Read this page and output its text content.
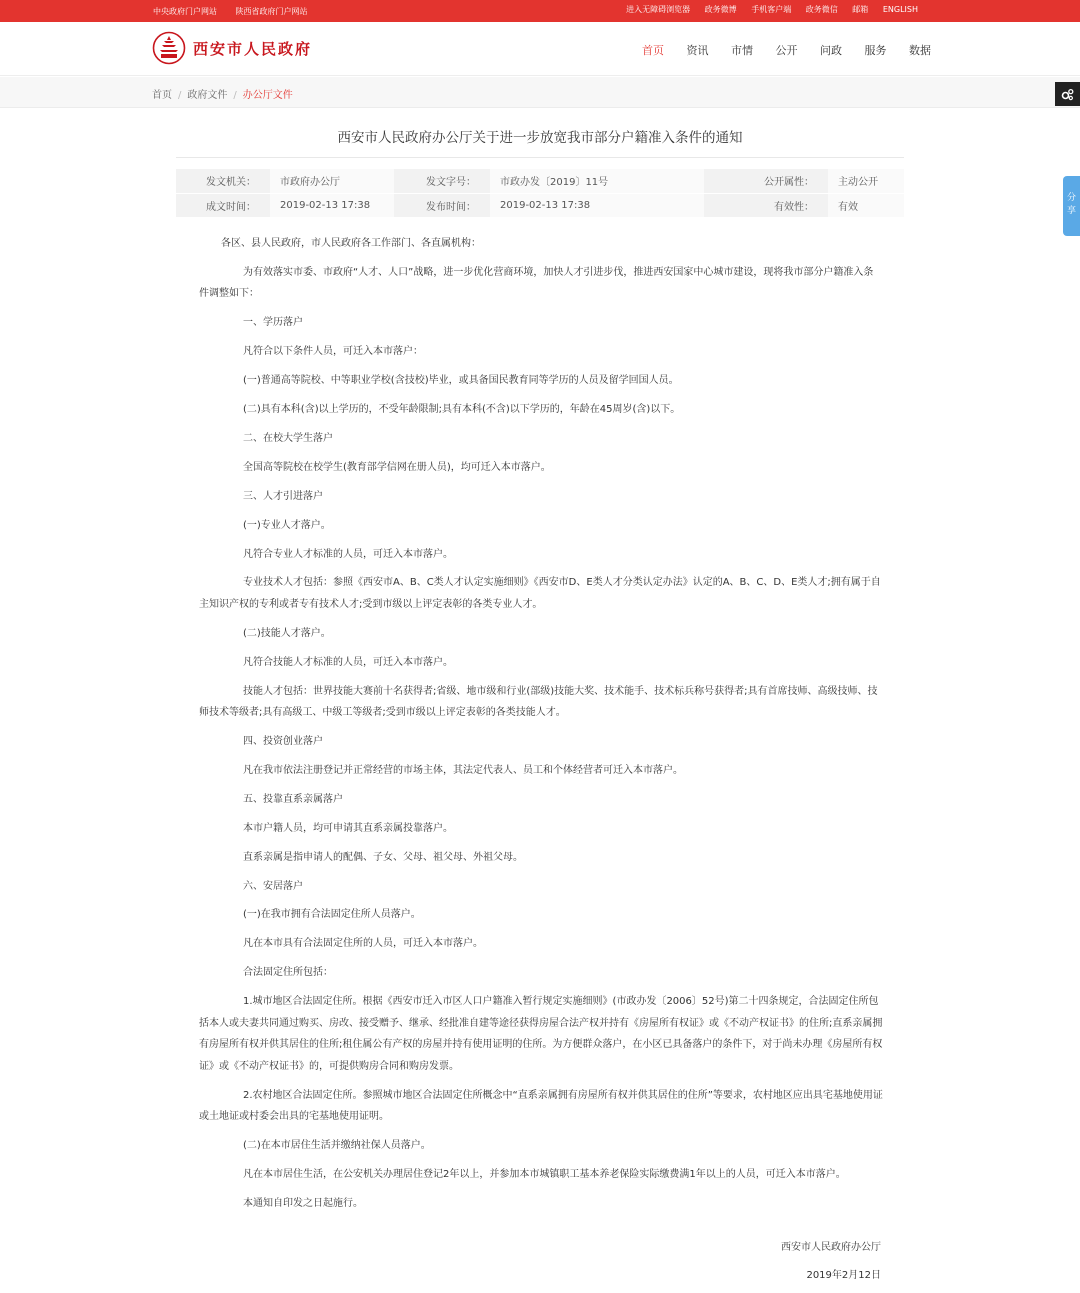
中央政府门户网站 陕西省政府门户网站	进入无障碍浏览器 政务微博 手机客户端 政务微信 邮箱 ENGLISH
西安市人民政府	首页 资讯 市情 公开 问政 服务 数据
首页 / 政府文件 / 办公厅文件
分享
西安市人民政府办公厅关于进一步放宽我市部分户籍准入条件的通知
发文机关：	市政府办公厅	发文字号：	市政办发〔2019〕11号	公开属性：	主动公开
成文时间：	2019-02-13 17:38	发布时间：	2019-02-13 17:38	有效性：	有效

各区、县人民政府，市人民政府各工作部门、各直属机构：

为有效落实市委、市政府“人才、人口”战略，进一步优化营商环境，加快人才引进步伐，推进西安国家中心城市建设，现将我市部分户籍准入条件调整如下：

一、学历落户

凡符合以下条件人员，可迁入本市落户：

(一)普通高等院校、中等职业学校(含技校)毕业，或具备国民教育同等学历的人员及留学回国人员。

(二)具有本科(含)以上学历的，不受年龄限制;具有本科(不含)以下学历的，年龄在45周岁(含)以下。

二、在校大学生落户

全国高等院校在校学生(教育部学信网在册人员)，均可迁入本市落户。

三、人才引进落户

(一)专业人才落户。

凡符合专业人才标准的人员，可迁入本市落户。

专业技术人才包括：参照《西安市A、B、C类人才认定实施细则》《西安市D、E类人才分类认定办法》认定的A、B、C、D、E类人才;拥有属于自主知识产权的专利或者专有技术人才;受到市级以上评定表彰的各类专业人才。

(二)技能人才落户。

凡符合技能人才标准的人员，可迁入本市落户。

技能人才包括：世界技能大赛前十名获得者;省级、地市级和行业(部级)技能大奖、技术能手、技术标兵称号获得者;具有首席技师、高级技师、技师技术等级者;具有高级工、中级工等级者;受到市级以上评定表彰的各类技能人才。

四、投资创业落户

凡在我市依法注册登记并正常经营的市场主体，其法定代表人、员工和个体经营者可迁入本市落户。

五、投靠直系亲属落户

本市户籍人员，均可申请其直系亲属投靠落户。

直系亲属是指申请人的配偶、子女、父母、祖父母、外祖父母。

六、安居落户

(一)在我市拥有合法固定住所人员落户。

凡在本市具有合法固定住所的人员，可迁入本市落户。

合法固定住所包括：

1.城市地区合法固定住所。根据《西安市迁入市区人口户籍准入暂行规定实施细则》(市政办发〔2006〕52号)第二十四条规定，合法固定住所包括本人或夫妻共同通过购买、房改、接受赠予、继承、经批准自建等途径获得房屋合法产权并持有《房屋所有权证》或《不动产权证书》的住所;直系亲属拥有房屋所有权并供其居住的住所;租住属公有产权的房屋并持有使用证明的住所。为方便群众落户，在小区已具备落户的条件下，对于尚未办理《房屋所有权证》或《不动产权证书》的，可提供购房合同和购房发票。

2.农村地区合法固定住所。参照城市地区合法固定住所概念中“直系亲属拥有房屋所有权并供其居住的住所”等要求，农村地区应出具宅基地使用证或土地证或村委会出具的宅基地使用证明。

(二)在本市居住生活并缴纳社保人员落户。

凡在本市居住生活，在公安机关办理居住登记2年以上，并参加本市城镇职工基本养老保险实际缴费满1年以上的人员，可迁入本市落户。

本通知自印发之日起施行。

西安市人民政府办公厅
2019年2月12日
